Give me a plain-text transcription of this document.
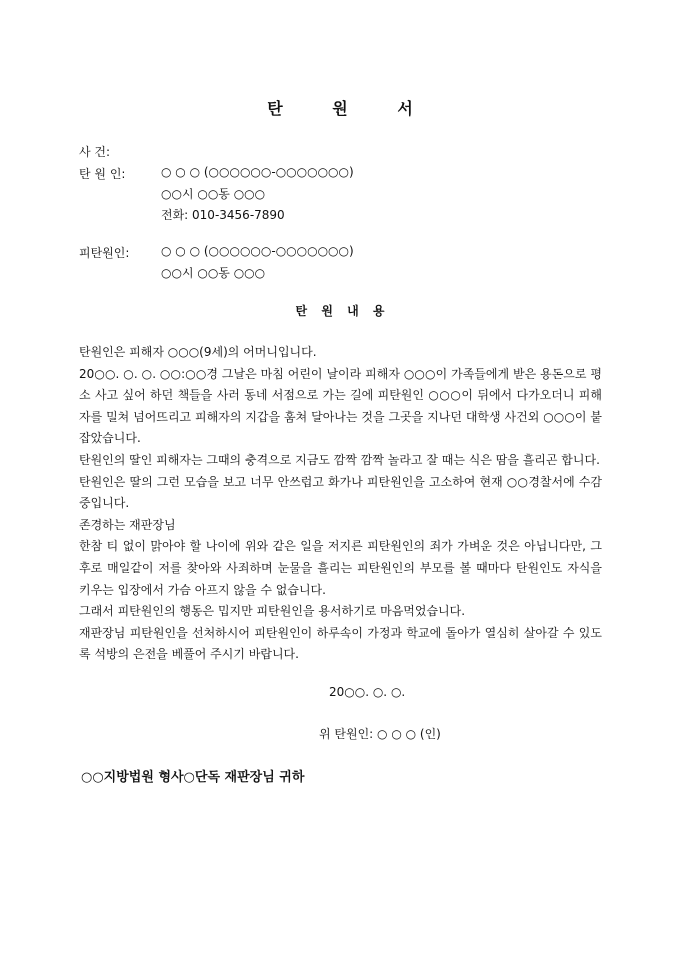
탄	원	서
사 건:
탄 원 인:	○ ○ ○ (○○○○○○-○○○○○○○)
○○시 ○○동 ○○○
전화: 010-3456-7890
피탄원인:	○ ○ ○ (○○○○○○-○○○○○○○)
○○시 ○○동 ○○○
탄 원 내 용

탄원인은 피해자 ○○○(9세)의 어머니입니다.

20○○. ○. ○. ○○:○○경 그날은 마침 어린이 날이라 피해자 ○○○이 가족들에게 받은 용돈으로 평소 사고 싶어 하던 책들을 사러 동네 서점으로 가는 길에 피탄원인 ○○○이 뒤에서 다가오더니 피해자를 밀쳐 넘어뜨리고 피해자의 지갑을 훔쳐 달아나는 것을 그곳을 지나던 대학생 사건외 ○○○이 붙잡았습니다.

탄원인의 딸인 피해자는 그때의 충격으로 지금도 깜짝 깜짝 놀라고 잘 때는 식은 땀을 흘리곤 합니다.

탄원인은 딸의 그런 모습을 보고 너무 안쓰럽고 화가나 피탄원인을 고소하여 현재 ○○경찰서에 수감 중입니다.

존경하는 재판장님

한참 티 없이 맑아야 할 나이에 위와 같은 일을 저지른 피탄원인의 죄가 가벼운 것은 아닙니다만, 그 후로 매일같이 저를 찾아와 사죄하며 눈물을 흘리는 피탄원인의 부모를 볼 때마다 탄원인도 자식을 키우는 입장에서 가슴 아프지 않을 수 없습니다.

그래서 피탄원인의 행동은 밉지만 피탄원인을 용서하기로 마음먹었습니다.

재판장님 피탄원인을 선처하시어 피탄원인이 하루속이 가정과 학교에 돌아가 열심히 살아갈 수 있도록 석방의 은전을 베풀어 주시기 바랍니다.

20○○. ○. ○.
위 탄원인: ○ ○ ○ (인)
○○지방법원 형사○단독 재판장님 귀하
